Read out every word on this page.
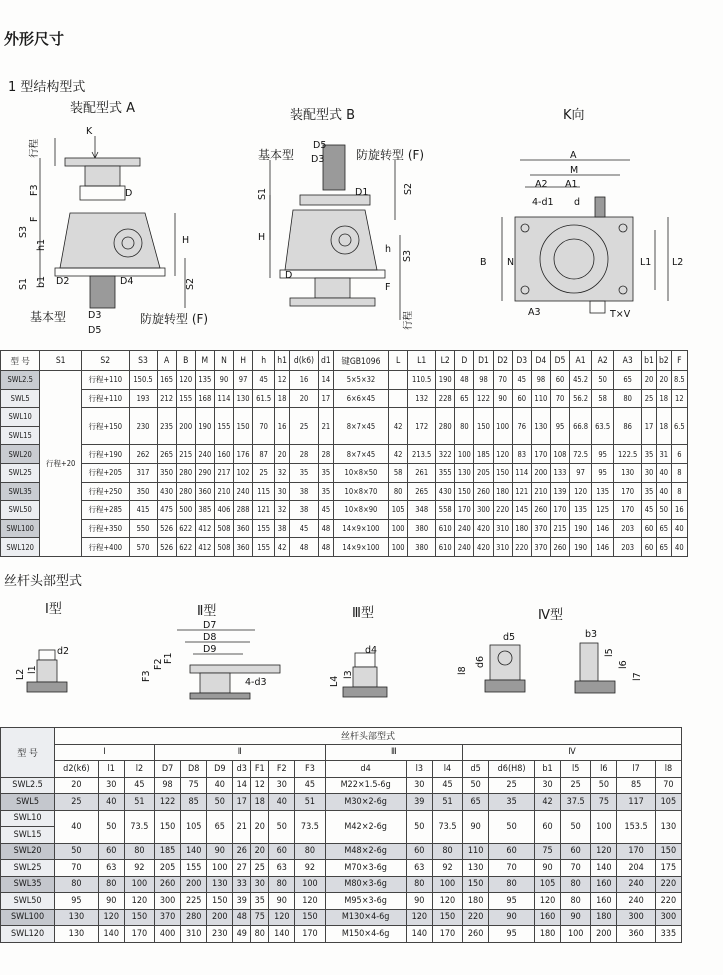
外形尺寸
1 型结构型式
装配型式 A	装配型式 B	K向
K
行程
F3
F
S3
h1
b1
S1
D
H
S2
D2	D4
D3
D5
基本型	防旋转型 (F)
D5
D3
S1	D1	S2
H
h
S3
D
F
行程
基本型	防旋转型 (F)	A
M
A2 A1
4-d1 d
B N	L1 L2
A3	T×V
型 号	S1	S2	S3	A	B	M	N	H	h	h1	d(k6)	d1	键GB1096	L	L1	L2	D	D1	D2	D3	D4	D5	A1	A2	A3	b1	b2	F
SWL2.5	行程+20	行程+110	150.5	165	120	135	90	97	45	12	16	14	5×5×32		110.5	190	48	98	70	45	98	60	45.2	50	65	20	20	8.5
SWL5		行程+110	193	212	155	168	114	130	61.5	18	20	17	6×6×45		132	228	65	122	90	60	110	70	56.2	58	80	25	18	12
SWL10		行程+150	230	235	200	190	155	150	70	16	25	21	8×7×45	42	172	280	80	150	100	76	130	95	66.8	63.5	86	17	18	6.5
SWL15																												
SWL20		行程+190	262	265	215	240	160	176	87	20	28	28	8×7×45	42	213.5	322	100	185	120	83	170	108	72.5	95	122.5	35	31	6
SWL25		行程+205	317	350	280	290	217	102	25	32	35	35	10×8×50	58	261	355	130	205	150	114	200	133	97	95	130	30	40	8
SWL35		行程+250	350	430	280	360	210	240	115	30	38	35	10×8×70	80	265	430	150	260	180	121	210	139	120	135	170	35	40	8
SWL50		行程+285	415	475	500	385	406	288	121	32	38	45	10×8×90	105	348	558	170	300	220	145	260	170	135	125	170	45	50	16
SWL100		行程+350	550	526	622	412	508	360	155	38	45	48	14×9×100	100	380	610	240	420	310	180	370	215	190	146	203	60	65	40
SWL120		行程+400	570	526	622	412	508	360	155	42	48	48	14×9×100	100	380	610	240	420	310	220	370	260	190	146	203	60	65	40
丝杆头部型式
Ⅰ型	Ⅱ型	Ⅲ型	Ⅳ型
d2
L2 l1
D7
D8
D9
F1
F2
F3
4-d3
d4
L4
l3
d5
d6
l8
b3
l5
l6
l7
型 号	丝杆头部型式																			
	Ⅰ			Ⅱ							Ⅲ			Ⅳ						
	d2(k6)	l1	l2	D7	D8	D9	d3	F1	F2	F3	d4	l3	l4	d5	d6(H8)	b1	l5	l6	l7	l8
SWL2.5	20	30	45	98	75	40	14	12	30	45	M22×1.5-6g	30	45	50	25	30	25	50	85	70
SWL5	25	40	51	122	85	50	17	18	40	51	M30×2-6g	39	51	65	35	42	37.5	75	117	105
SWL10	40	50	73.5	150	105	65	21	20	50	73.5	M42×2-6g	50	73.5	90	50	60	50	100	153.5	130
SWL15																				
SWL20	50	60	80	185	140	90	26	20	60	80	M48×2-6g	60	80	110	60	75	60	120	170	150
SWL25	70	63	92	205	155	100	27	25	63	92	M70×3-6g	63	92	130	70	90	70	140	204	175
SWL35	80	80	100	260	200	130	33	30	80	100	M80×3-6g	80	100	150	80	105	80	160	240	220
SWL50	95	90	120	300	225	150	39	35	90	120	M95×3-6g	90	120	180	95	120	80	160	240	220
SWL100	130	120	150	370	280	200	48	75	120	150	M130×4-6g	120	150	220	90	160	90	180	300	300
SWL120	130	140	170	400	310	230	49	80	140	170	M150×4-6g	140	170	260	95	180	100	200	360	335
